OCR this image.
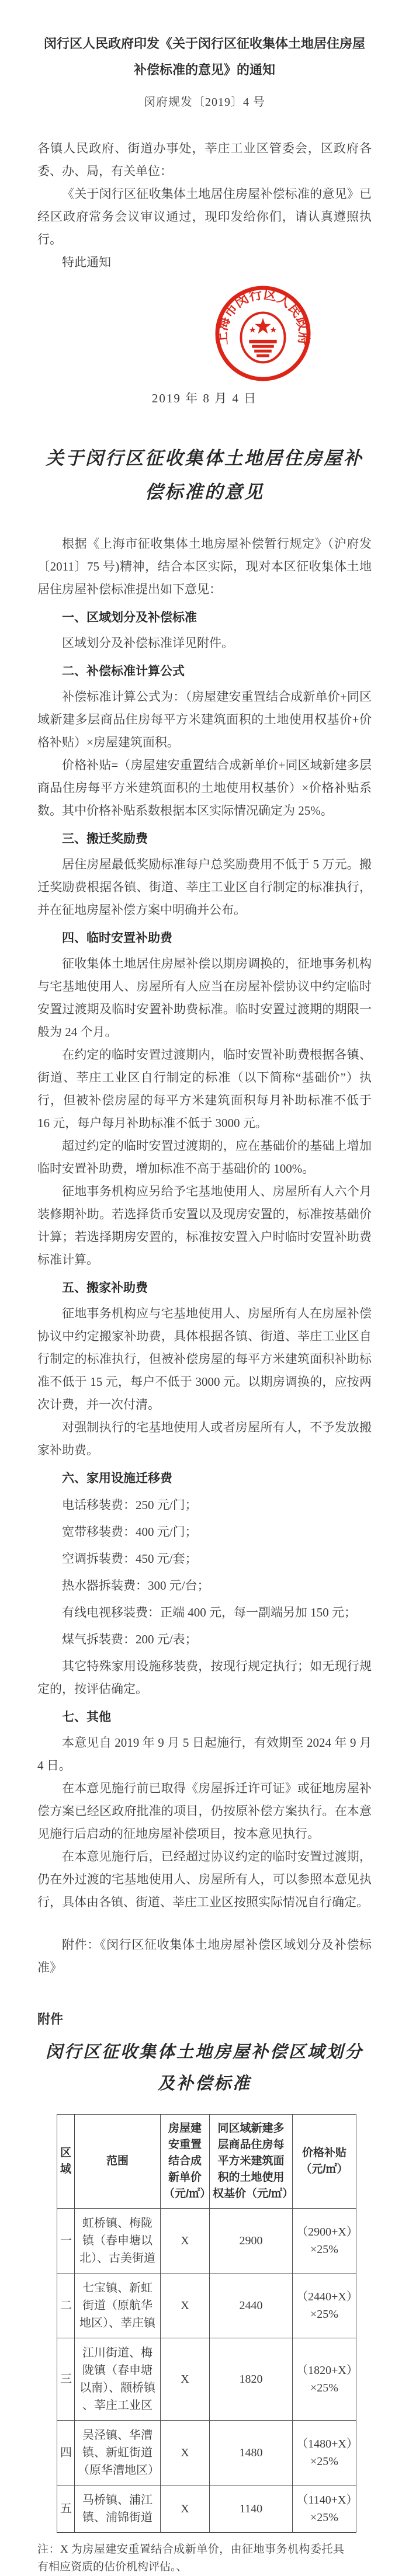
闵行区人民政府印发《关于闵行区征收集体土地居住房屋补偿标准的意见》的通知
闵府规发〔2019〕4 号

各镇人民政府、街道办事处，莘庄工业区管委会，区政府各委、办、局，有关单位：

《关于闵行区征收集体土地居住房屋补偿标准的意见》已经区政府常务会议审议通过，现印发给你们，请认真遵照执行。

特此通知

上海市闵行区人民政府
2019 年 8 月 4 日
关于闵行区征收集体土地居住房屋补偿标准的意见

根据《上海市征收集体土地房屋补偿暂行规定》（沪府发〔2011〕75 号)精神，结合本区实际，现对本区征收集体土地居住房屋补偿标准提出如下意见：

一、区域划分及补偿标准

区域划分及补偿标准详见附件。

二、补偿标准计算公式

补偿标准计算公式为：（房屋建安重置结合成新单价+同区域新建多层商品住房每平方米建筑面积的土地使用权基价+价格补贴）×房屋建筑面积。

价格补贴=（房屋建安重置结合成新单价+同区域新建多层商品住房每平方米建筑面积的土地使用权基价）×价格补贴系数。其中价格补贴系数根据本区实际情况确定为 25%。

三、搬迁奖励费

居住房屋最低奖励标准每户总奖励费用不低于 5 万元。搬迁奖励费根据各镇、街道、莘庄工业区自行制定的标准执行，并在征地房屋补偿方案中明确并公布。

四、临时安置补助费

征收集体土地居住房屋补偿以期房调换的，征地事务机构与宅基地使用人、房屋所有人应当在房屋补偿协议中约定临时安置过渡期及临时安置补助费标准。临时安置过渡期的期限一般为 24 个月。

在约定的临时安置过渡期内，临时安置补助费根据各镇、街道、莘庄工业区自行制定的标准（以下简称“基础价”）执行，但被补偿房屋的每平方米建筑面积每月补助标准不低于 16 元，每户每月补助标准不低于 3000 元。

超过约定的临时安置过渡期的，应在基础价的基础上增加临时安置补助费，增加标准不高于基础价的 100%。

征地事务机构应另给予宅基地使用人、房屋所有人六个月装修期补助。若选择货币安置以及现房安置的，标准按基础价计算；若选择期房安置的，标准按安置入户时临时安置补助费标准计算。

五、搬家补助费

征地事务机构应与宅基地使用人、房屋所有人在房屋补偿协议中约定搬家补助费，具体根据各镇、街道、莘庄工业区自行制定的标准执行，但被补偿房屋的每平方米建筑面积补助标准不低于 15 元，每户不低于 3000 元。以期房调换的，应按两次计费，并一次付清。

对强制执行的宅基地使用人或者房屋所有人，不予发放搬家补助费。

六、家用设施迁移费

电话移装费：250 元/门；

宽带移装费：400 元/门；

空调拆装费：450 元/套；

热水器拆装费：300 元/台；

有线电视移装费：正端 400 元，每一副端另加 150 元；

煤气拆装费：200 元/表；

其它特殊家用设施移装费，按现行规定执行；如无现行规定的，按评估确定。

七、其他

本意见自 2019 年 9 月 5 日起施行，有效期至 2024 年 9 月 4 日。

在本意见施行前已取得《房屋拆迁许可证》或征地房屋补偿方案已经区政府批准的项目，仍按原补偿方案执行。在本意见施行后启动的征地房屋补偿项目，按本意见执行。

在本意见施行后，已经超过协议约定的临时安置过渡期，仍在外过渡的宅基地使用人、房屋所有人，可以参照本意见执行，具体由各镇、街道、莘庄工业区按照实际情况自行确定。

附件：《闵行区征收集体土地房屋补偿区域划分及补偿标准》

附件
闵行区征收集体土地房屋补偿区域划分及补偿标准
区域	范围	房屋建安重置结合成新单价（元/㎡）	同区域新建多层商品住房每平方米建筑面积的土地使用权基价（元/㎡）	价格补贴（元/㎡）
一	虹桥镇、梅陇镇（春申塘以北）、古美街道	X	2900	（2900+X）×25%
二	七宝镇、新虹街道（原航华地区）、莘庄镇	X	2440	（2440+X）×25%
三	江川街道、梅陇镇（春申塘以南）、颛桥镇 、莘庄工业区	X	1820	（1820+X）×25%
四	吴泾镇、华漕镇、新虹街道（原华漕地区）	X	1480	（1480+X）×25%
五	马桥镇、浦江镇、浦锦街道	X	1140	（1140+X）×25%

注：X 为房屋建安重置结合成新单价，由征地事务机构委托具有相应资质的估价机构评估。、
